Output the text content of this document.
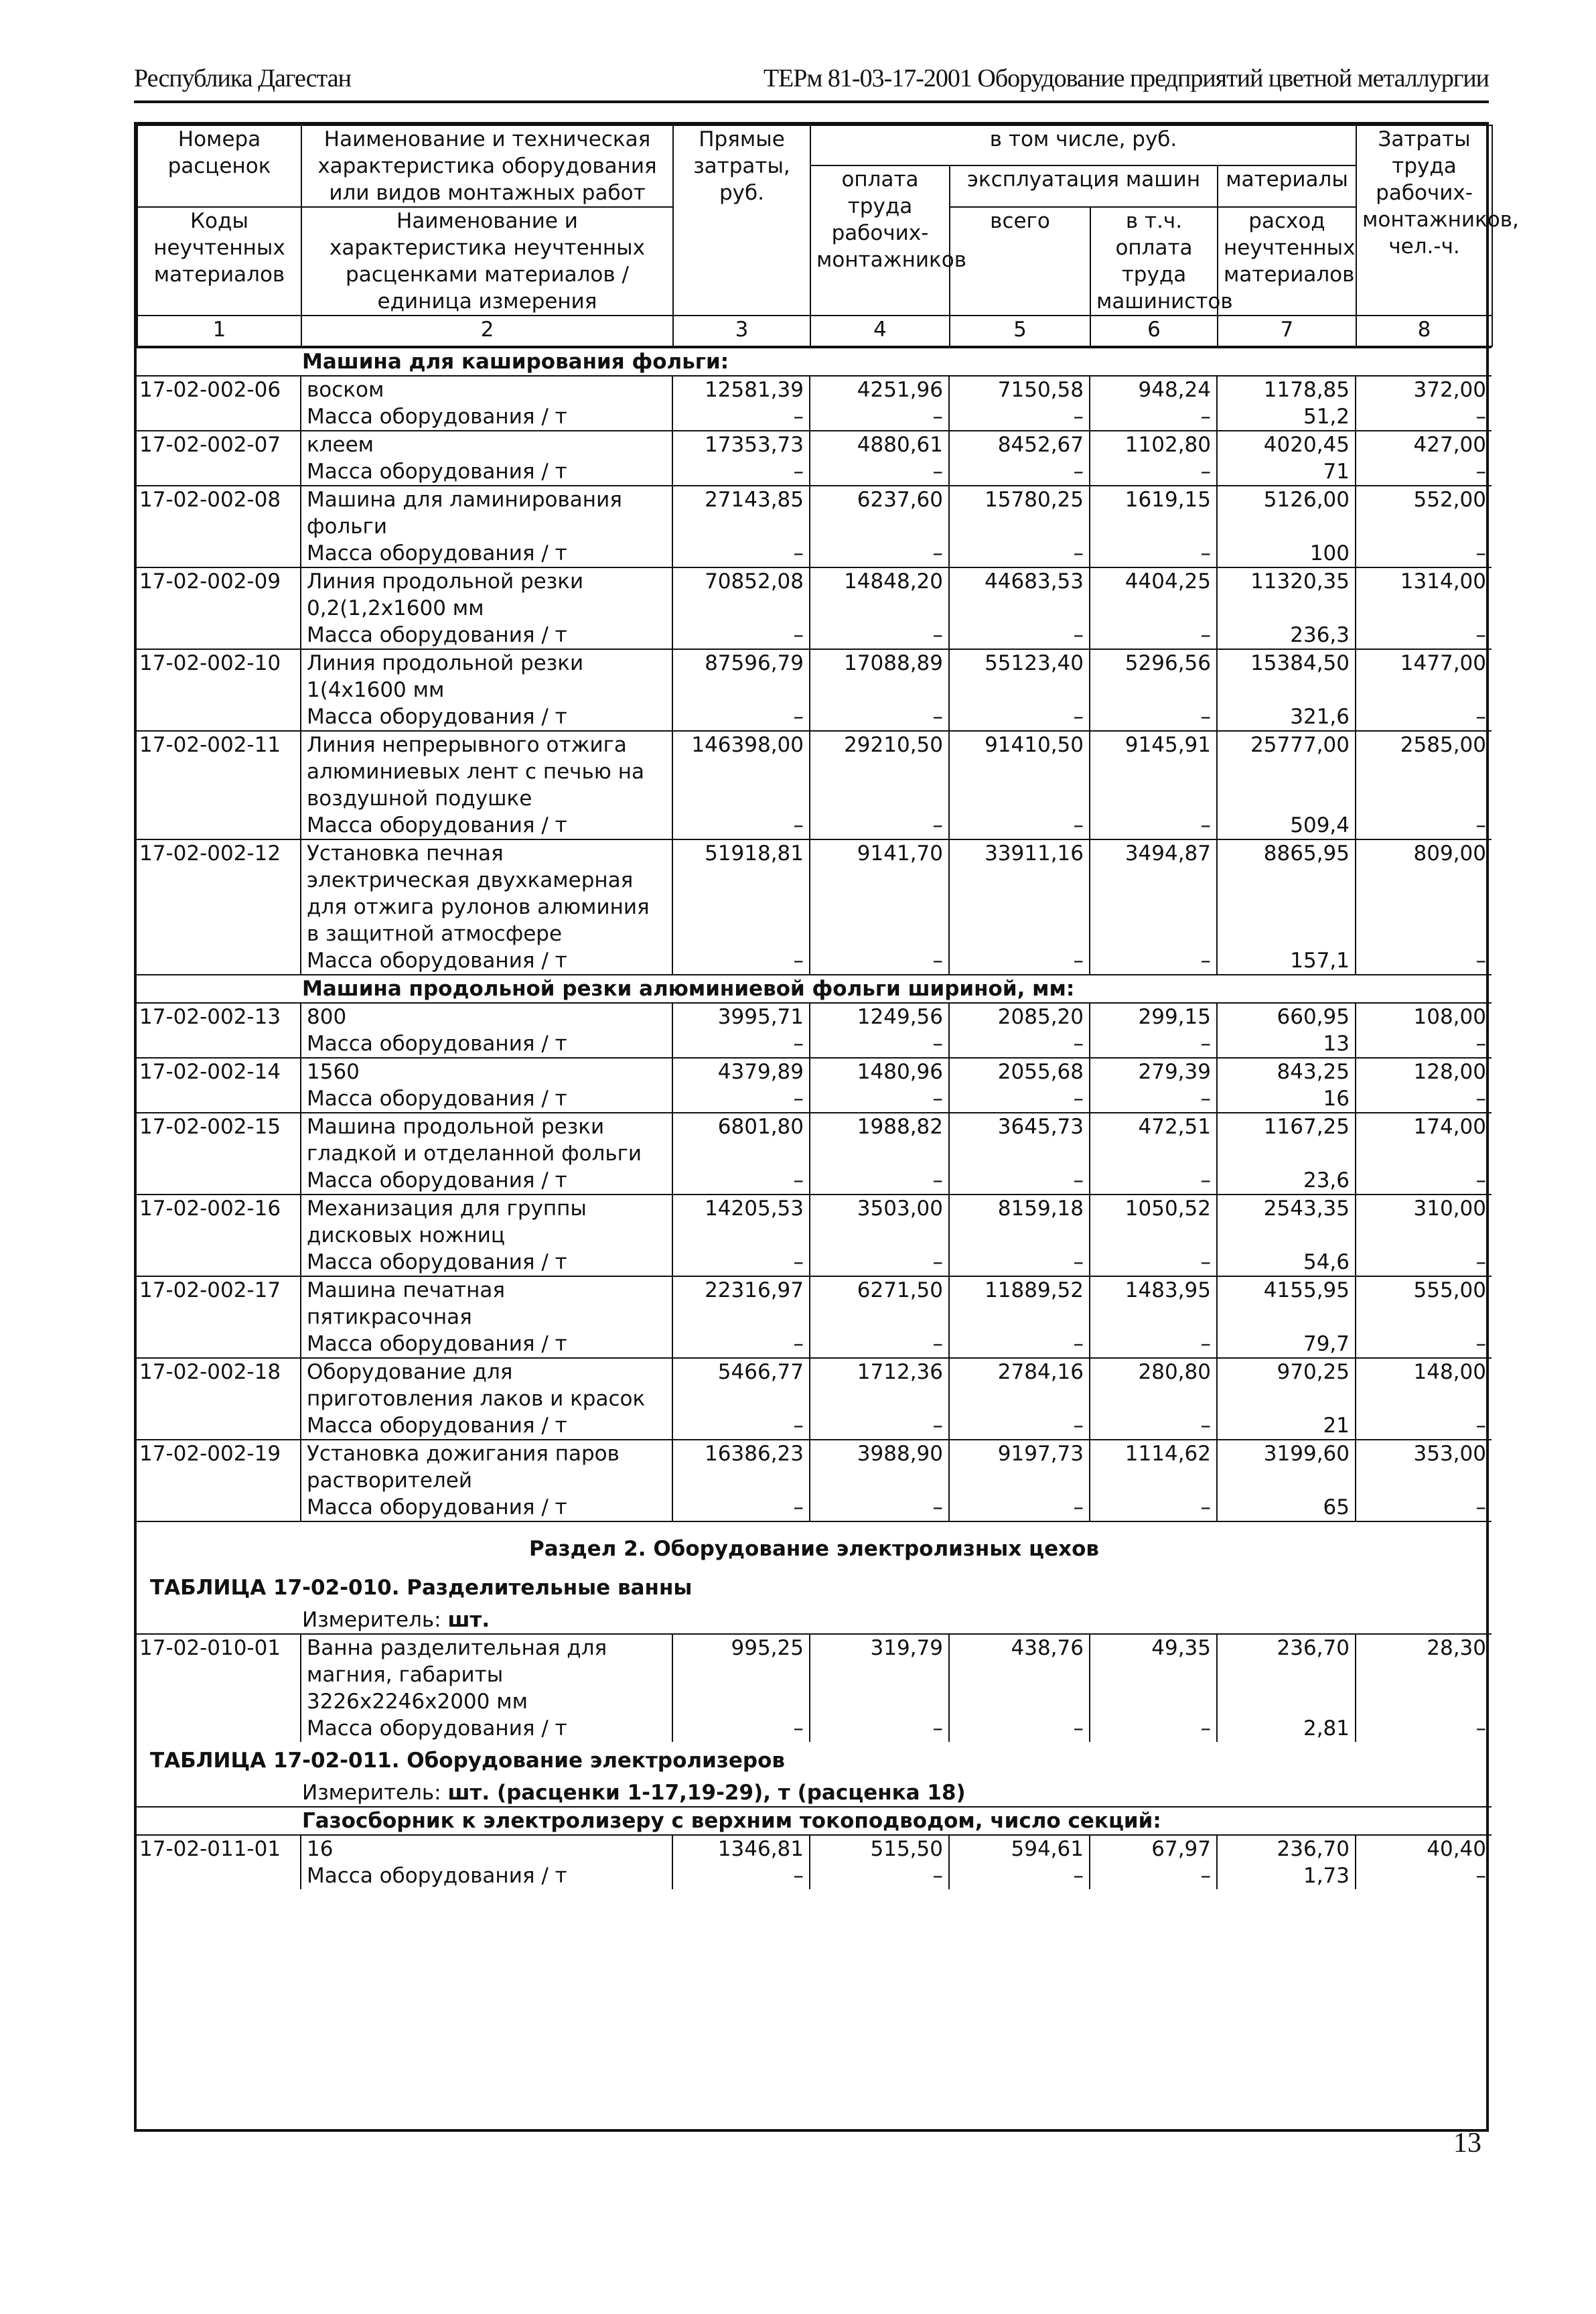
Республика Дагестан	ТЕРм 81-03-17-2001 Оборудование предприятий цветной металлургии
Номера расценок	Наименование и техническая характеристика оборудования или видов монтажных работ	Прямые затраты, руб.	в том числе, руб.				Затраты труда рабочих-монтажников, чел.-ч.
			оплата труда рабочих-монтажников	эксплуатация машин		материалы	
Коды неучтенных материалов	Наименование и характеристика неучтенных расценками материалов / единица измерения			всего	в т.ч. оплата труда машинистов	расход неучтенных материалов	

1	2	3	4	5	6	7	8
Машина для каширования фольги:							
17-02-002-06	воском	12581,39	4251,96	7150,58	948,24	1178,85	372,00
	Масса оборудования / т	–	–	–	–	51,2	–
17-02-002-07	клеем	17353,73	4880,61	8452,67	1102,80	4020,45	427,00
	Масса оборудования / т	–	–	–	–	71	–
17-02-002-08	Машина для ламинирования фольги	27143,85	6237,60	15780,25	1619,15	5126,00	552,00
	Масса оборудования / т	–	–	–	–	100	–
17-02-002-09	Линия продольной резки 0,2(1,2x1600 мм	70852,08	14848,20	44683,53	4404,25	11320,35	1314,00
	Масса оборудования / т	–	–	–	–	236,3	–
17-02-002-10	Линия продольной резки 1(4x1600 мм	87596,79	17088,89	55123,40	5296,56	15384,50	1477,00
	Масса оборудования / т	–	–	–	–	321,6	–
17-02-002-11	Линия непрерывного отжига алюминиевых лент с печью на воздушной подушке	146398,00	29210,50	91410,50	9145,91	25777,00	2585,00
	Масса оборудования / т	–	–	–	–	509,4	–
17-02-002-12	Установка печная электрическая двухкамерная для отжига рулонов алюминия в защитной атмосфере	51918,81	9141,70	33911,16	3494,87	8865,95	809,00
	Масса оборудования / т	–	–	–	–	157,1	–
Машина продольной резки алюминиевой фольги шириной, мм:							
17-02-002-13	800	3995,71	1249,56	2085,20	299,15	660,95	108,00
	Масса оборудования / т	–	–	–	–	13	–
17-02-002-14	1560	4379,89	1480,96	2055,68	279,39	843,25	128,00
	Масса оборудования / т	–	–	–	–	16	–
17-02-002-15	Машина продольной резки гладкой и отделанной фольги	6801,80	1988,82	3645,73	472,51	1167,25	174,00
	Масса оборудования / т	–	–	–	–	23,6	–
17-02-002-16	Механизация для группы дисковых ножниц	14205,53	3503,00	8159,18	1050,52	2543,35	310,00
	Масса оборудования / т	–	–	–	–	54,6	–
17-02-002-17	Машина печатная пятикрасочная	22316,97	6271,50	11889,52	1483,95	4155,95	555,00
	Масса оборудования / т	–	–	–	–	79,7	–
17-02-002-18	Оборудование для приготовления лаков и красок	5466,77	1712,36	2784,16	280,80	970,25	148,00
	Масса оборудования / т	–	–	–	–	21	–
17-02-002-19	Установка дожигания паров растворителей	16386,23	3988,90	9197,73	1114,62	3199,60	353,00
	Масса оборудования / т	–	–	–	–	65	–
Раздел 2. Оборудование электролизных цехов							
ТАБЛИЦА 17-02-010. Разделительные ванны							
Измеритель: шт.							
17-02-010-01	Ванна разделительная для магния, габариты 3226x2246x2000 мм	995,25	319,79	438,76	49,35	236,70	28,30
	Масса оборудования / т	–	–	–	–	2,81	–
ТАБЛИЦА 17-02-011. Оборудование электролизеров							
Измеритель: шт. (расценки 1-17,19-29), т (расценка 18)							
Газосборник к электролизеру с верхним токоподводом, число секций:							
17-02-011-01	16	1346,81	515,50	594,61	67,97	236,70	40,40
	Масса оборудования / т	–	–	–	–	1,73	–
13
